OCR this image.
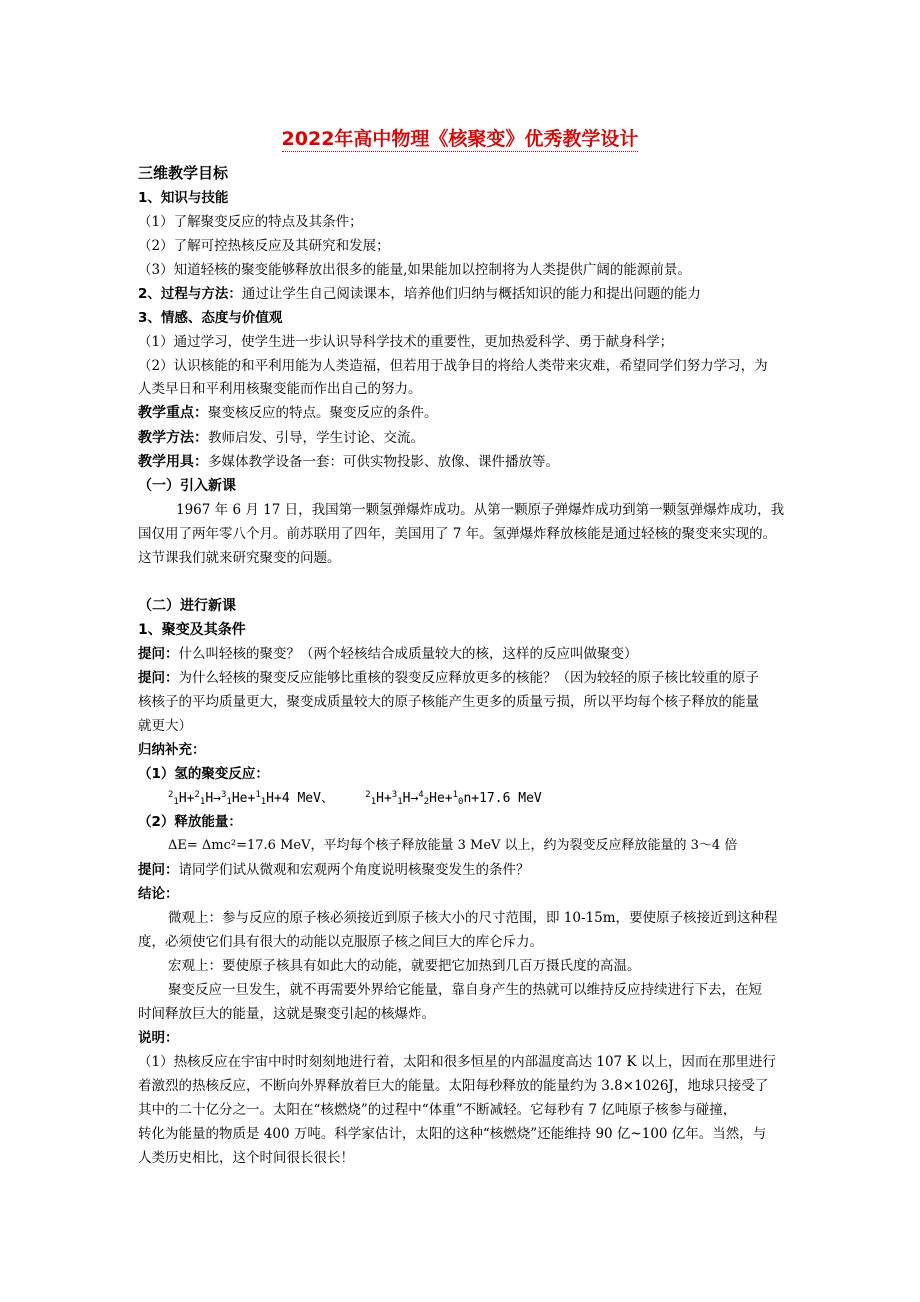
2022年高中物理《核聚变》优秀教学设计
三维教学目标
1、知识与技能
（1）了解聚变反应的特点及其条件；
（2）了解可控热核反应及其研究和发展；
（3）知道轻核的聚变能够释放出很多的能量,如果能加以控制将为人类提供广阔的能源前景。
2、过程与方法：通过让学生自己阅读课本，培养他们归纳与概括知识的能力和提出问题的能力
3、情感、态度与价值观
（1）通过学习，使学生进一步认识导科学技术的重要性，更加热爱科学、勇于献身科学；
（2）认识核能的和平利用能为人类造福，但若用于战争目的将给人类带来灾难，希望同学们努力学习，为
人类早日和平利用核聚变能而作出自己的努力。
教学重点：聚变核反应的特点。聚变反应的条件。
教学方法：教师启发、引导，学生讨论、交流。
教学用具：多媒体教学设备一套：可供实物投影、放像、课件播放等。
（一）引入新课
1967 年 6 月 17 日，我国第一颗氢弹爆炸成功。从第一颗原子弹爆炸成功到第一颗氢弹爆炸成功，我
国仅用了两年零八个月。前苏联用了四年，美国用了 7 年。氢弹爆炸释放核能是通过轻核的聚变来实现的。
这节课我们就来研究聚变的问题。
（二）进行新课
1、聚变及其条件
提问：什么叫轻核的聚变？（两个轻核结合成质量较大的核，这样的反应叫做聚变）
提问：为什么轻核的聚变反应能够比重核的裂变反应释放更多的核能？（因为较轻的原子核比较重的原子
核核子的平均质量更大，聚变成质量较大的原子核能产生更多的质量亏损，所以平均每个核子释放的能量
就更大）
归纳补充：
（1）氢的聚变反应：
$^2_1$H+$^2_1$H→$^3_1$He+$^1_1$H+4 MeV、	$^2_1$H+$^3_1$H→$^4_2$He+$^1_0$n+17.6 MeV
（2）释放能量：
ΔE= Δmc²=17.6 MeV，平均每个核子释放能量 3 MeV 以上，约为裂变反应释放能量的 3～4 倍
提问：请同学们试从微观和宏观两个角度说明核聚变发生的条件？
结论：
微观上：参与反应的原子核必须接近到原子核大小的尺寸范围，即 10-15m，要使原子核接近到这种程
度，必须使它们具有很大的动能以克服原子核之间巨大的库仑斥力。
宏观上：要使原子核具有如此大的动能，就要把它加热到几百万摄氏度的高温。
聚变反应一旦发生，就不再需要外界给它能量，靠自身产生的热就可以维持反应持续进行下去，在短
时间释放巨大的能量，这就是聚变引起的核爆炸。
说明：
（1）热核反应在宇宙中时时刻刻地进行着，太阳和很多恒星的内部温度高达 107 K 以上，因而在那里进行
着激烈的热核反应，不断向外界释放着巨大的能量。太阳每秒释放的能量约为 3.8×1026J，地球只接受了
其中的二十亿分之一。太阳在“核燃烧”的过程中“体重”不断减轻。它每秒有 7 亿吨原子核参与碰撞，
转化为能量的物质是 400 万吨。科学家估计，太阳的这种“核燃烧”还能维持 90 亿~100 亿年。当然，与
人类历史相比，这个时间很长很长！
